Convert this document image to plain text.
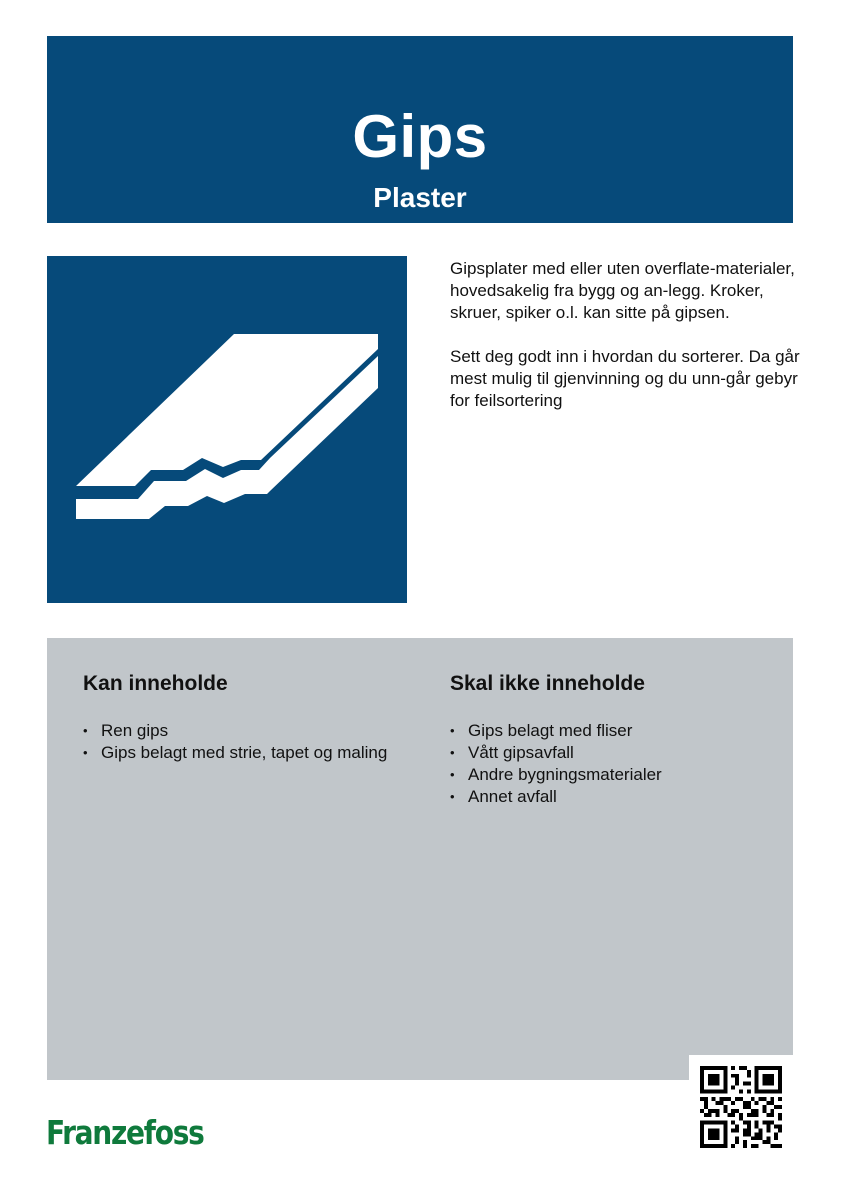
Gips
Plaster

Gipsplater med eller uten overflate-materialer, hovedsakelig fra bygg og an-legg. Kroker, skruer, spiker o.l. kan sitte på gipsen.

Sett deg godt inn i hvordan du sorterer. Da går mest mulig til gjenvinning og du unn-går gebyr for feilsortering

Kan inneholde
• Ren gips
• Gips belagt med strie, tapet og maling
Skal ikke inneholde
• Gips belagt med fliser
• Vått gipsavfall
• Andre bygningsmaterialer
• Annet avfall
Franzefoss
